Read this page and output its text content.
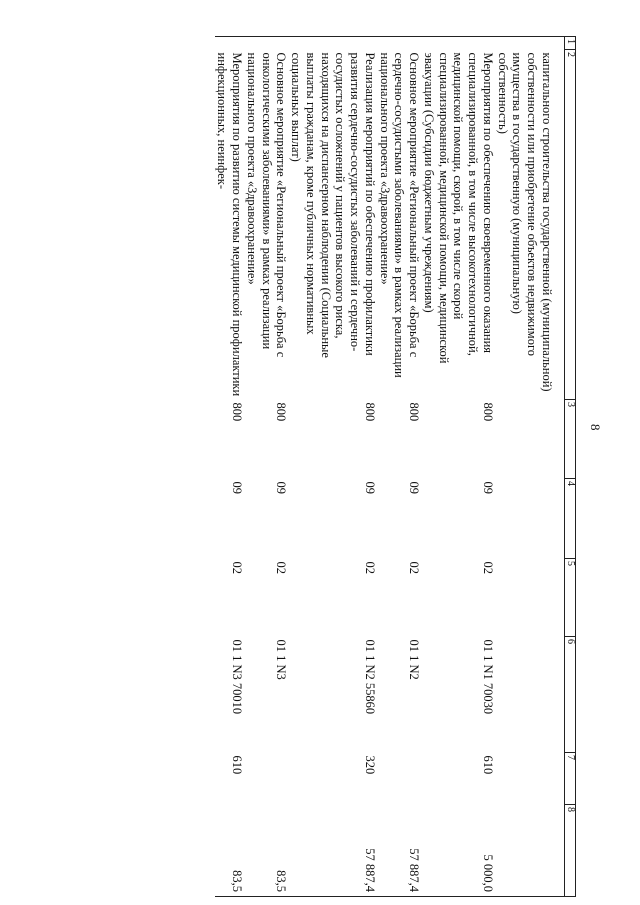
8
1	2	3	4	5	6	7	8

	капитального строительства государственной (муниципальной) собственности или приобретение объектов недвижимого имущества в государственную (муниципальную) собственность)						
	Мероприятия по обеспечению своевременного оказания специализированной, в том числе высокотехнологичной, медицинской помощи, скорой, в том числе скорой специализированной, медицинской помощи, медицинской эвакуации (Субсидии бюджетным учреждениям)	800	09	02	01 1 N1 70030	610	5 000,0
	Основное мероприятие «Региональный проект «Борьба с сердечно-сосудистыми заболеваниями» в рамках реализации национального проекта «Здравоохранение»	800	09	02	01 1 N2		57 887,4
	Реализация мероприятий по обеспечению профилактики развития сердечно-сосудистых заболеваний и сердечно-сосудистых осложнений у пациентов высокого риска, находящихся на диспансерном наблюдении (Социальные выплаты гражданам, кроме публичных нормативных социальных выплат)	800	09	02	01 1 N2 55860	320	57 887,4
	Основное мероприятие «Региональный проект «Борьба с онкологическими заболеваниями» в рамках реализации национального проекта «Здравоохранение»	800	09	02	01 1 N3		83,5
	Мероприятия по развитию системы медицинской профилактики инфекционных, неинфек-	800	09	02	01 1 N3 70010	610	83,5
